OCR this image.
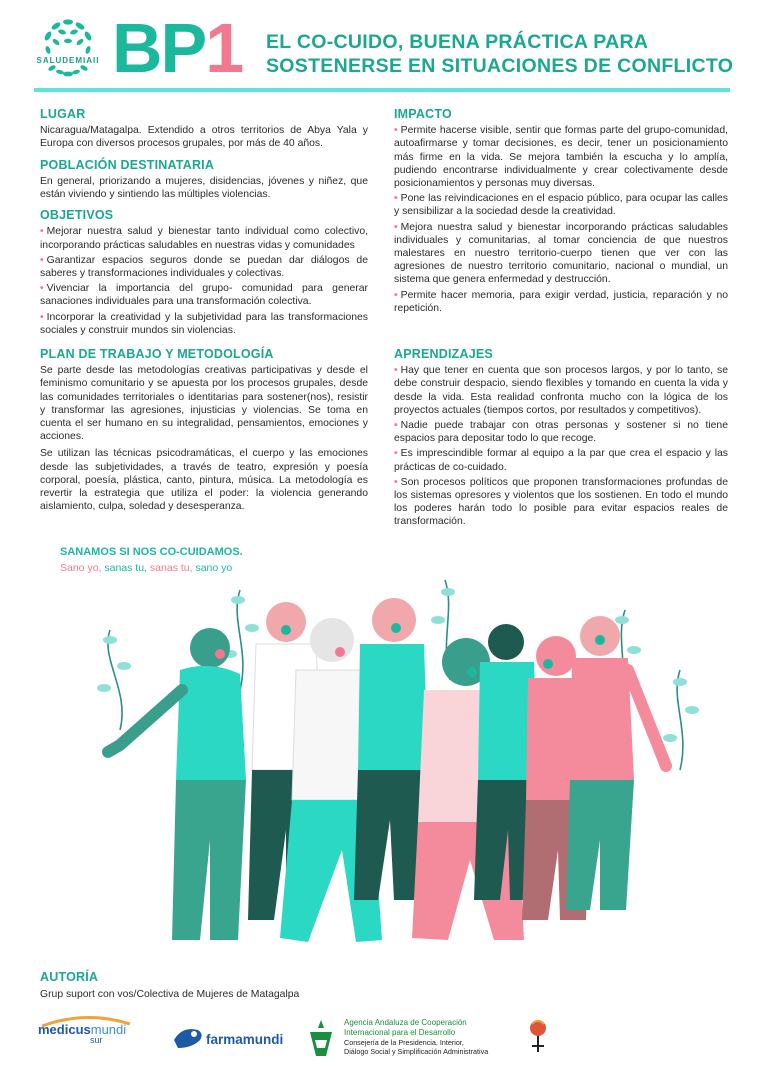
SALUDEMIAII BP1 EL CO-CUIDO, BUENA PRÁCTICA PARA
SOSTENERSE EN SITUACIONES DE CONFLICTO
LUGAR
Nicaragua/Matagalpa. Extendido a otros territorios de Abya Yala y Europa con diversos procesos grupales, por más de 40 años.
POBLACIÓN DESTINATARIA
En general, priorizando a mujeres, disidencias, jóvenes y niñez, que están viviendo y sintiendo las múltiples violencias.
OBJETIVOS
• Mejorar nuestra salud y bienestar tanto individual como colectivo, incorporando prácticas saludables en nuestras vidas y comunidades
• Garantizar espacios seguros donde se puedan dar diálogos de saberes y transformaciones individuales y colectivas.
• Vivenciar la importancia del grupo- comunidad para generar sanaciones individuales para una transformación colectiva.
• Incorporar la creatividad y la subjetividad para las transformaciones sociales y construir mundos sin violencias.
PLAN DE TRABAJO Y METODOLOGÍA
Se parte desde las metodologías creativas participativas y desde el feminismo comunitario y se apuesta por los procesos grupales, desde las comunidades territoriales o identitarias para sostener(nos), resistir y transformar las agresiones, injusticias y violencias. Se toma en cuenta el ser humano en su integralidad, pensamientos, emociones y acciones.
Se utilizan las técnicas psicodramáticas, el cuerpo y las emociones desde las subjetividades, a través de teatro, expresión y poesía corporal, poesía, plástica, canto, pintura, música. La metodología es revertir la estrategia que utiliza el poder: la violencia generando aislamiento, culpa, soledad y desesperanza.
IMPACTO
• Permite hacerse visible, sentir que formas parte del grupo-comunidad, autoafirmarse y tomar decisiones, es decir, tener un posicionamiento más firme en la vida. Se mejora también la escucha y lo amplía, pudiendo encontrarse individualmente y crear colectivamente desde posicionamientos y personas muy diversas.
• Pone las reivindicaciones en el espacio público, para ocupar las calles y sensibilizar a la sociedad desde la creatividad.
• Mejora nuestra salud y bienestar incorporando prácticas saludables individuales y comunitarias, al tomar conciencia de que nuestros malestares en nuestro territorio-cuerpo tienen que ver con las agresiones de nuestro territorio comunitario, nacional o mundial, un sistema que genera enfermedad y destrucción.
• Permite hacer memoria, para exigir verdad, justicia, reparación y no repetición.
APRENDIZAJES
• Hay que tener en cuenta que son procesos largos, y por lo tanto, se debe construir despacio, siendo flexibles y tomando en cuenta la vida y desde la vida. Esta realidad confronta mucho con la lógica de los proyectos actuales (tiempos cortos, por resultados y competitivos).
• Nadie puede trabajar con otras personas y sostener si no tiene espacios para depositar todo lo que recoge.
• Es imprescindible formar al equipo a la par que crea el espacio y las prácticas de co-cuidado.
• Son procesos políticos que proponen transformaciones profundas de los sistemas opresores y violentos que los sostienen. En todo el mundo los poderes harán todo lo posible para evitar espacios reales de transformación.
SANAMOS SI NOS CO-CUIDAMOS.
Sano yo, sanas tu, sanas tu, sano yo
AUTORÍA
Grup suport con vos/Colectiva de Mujeres de Matagalpa
medicusmundi
sur	farmamundi
Agencia Andaluza de Cooperación
Internacional para el Desarrollo
Consejería de la Presidencia, Interior,
Diálogo Social y Simplificación Administrativa
